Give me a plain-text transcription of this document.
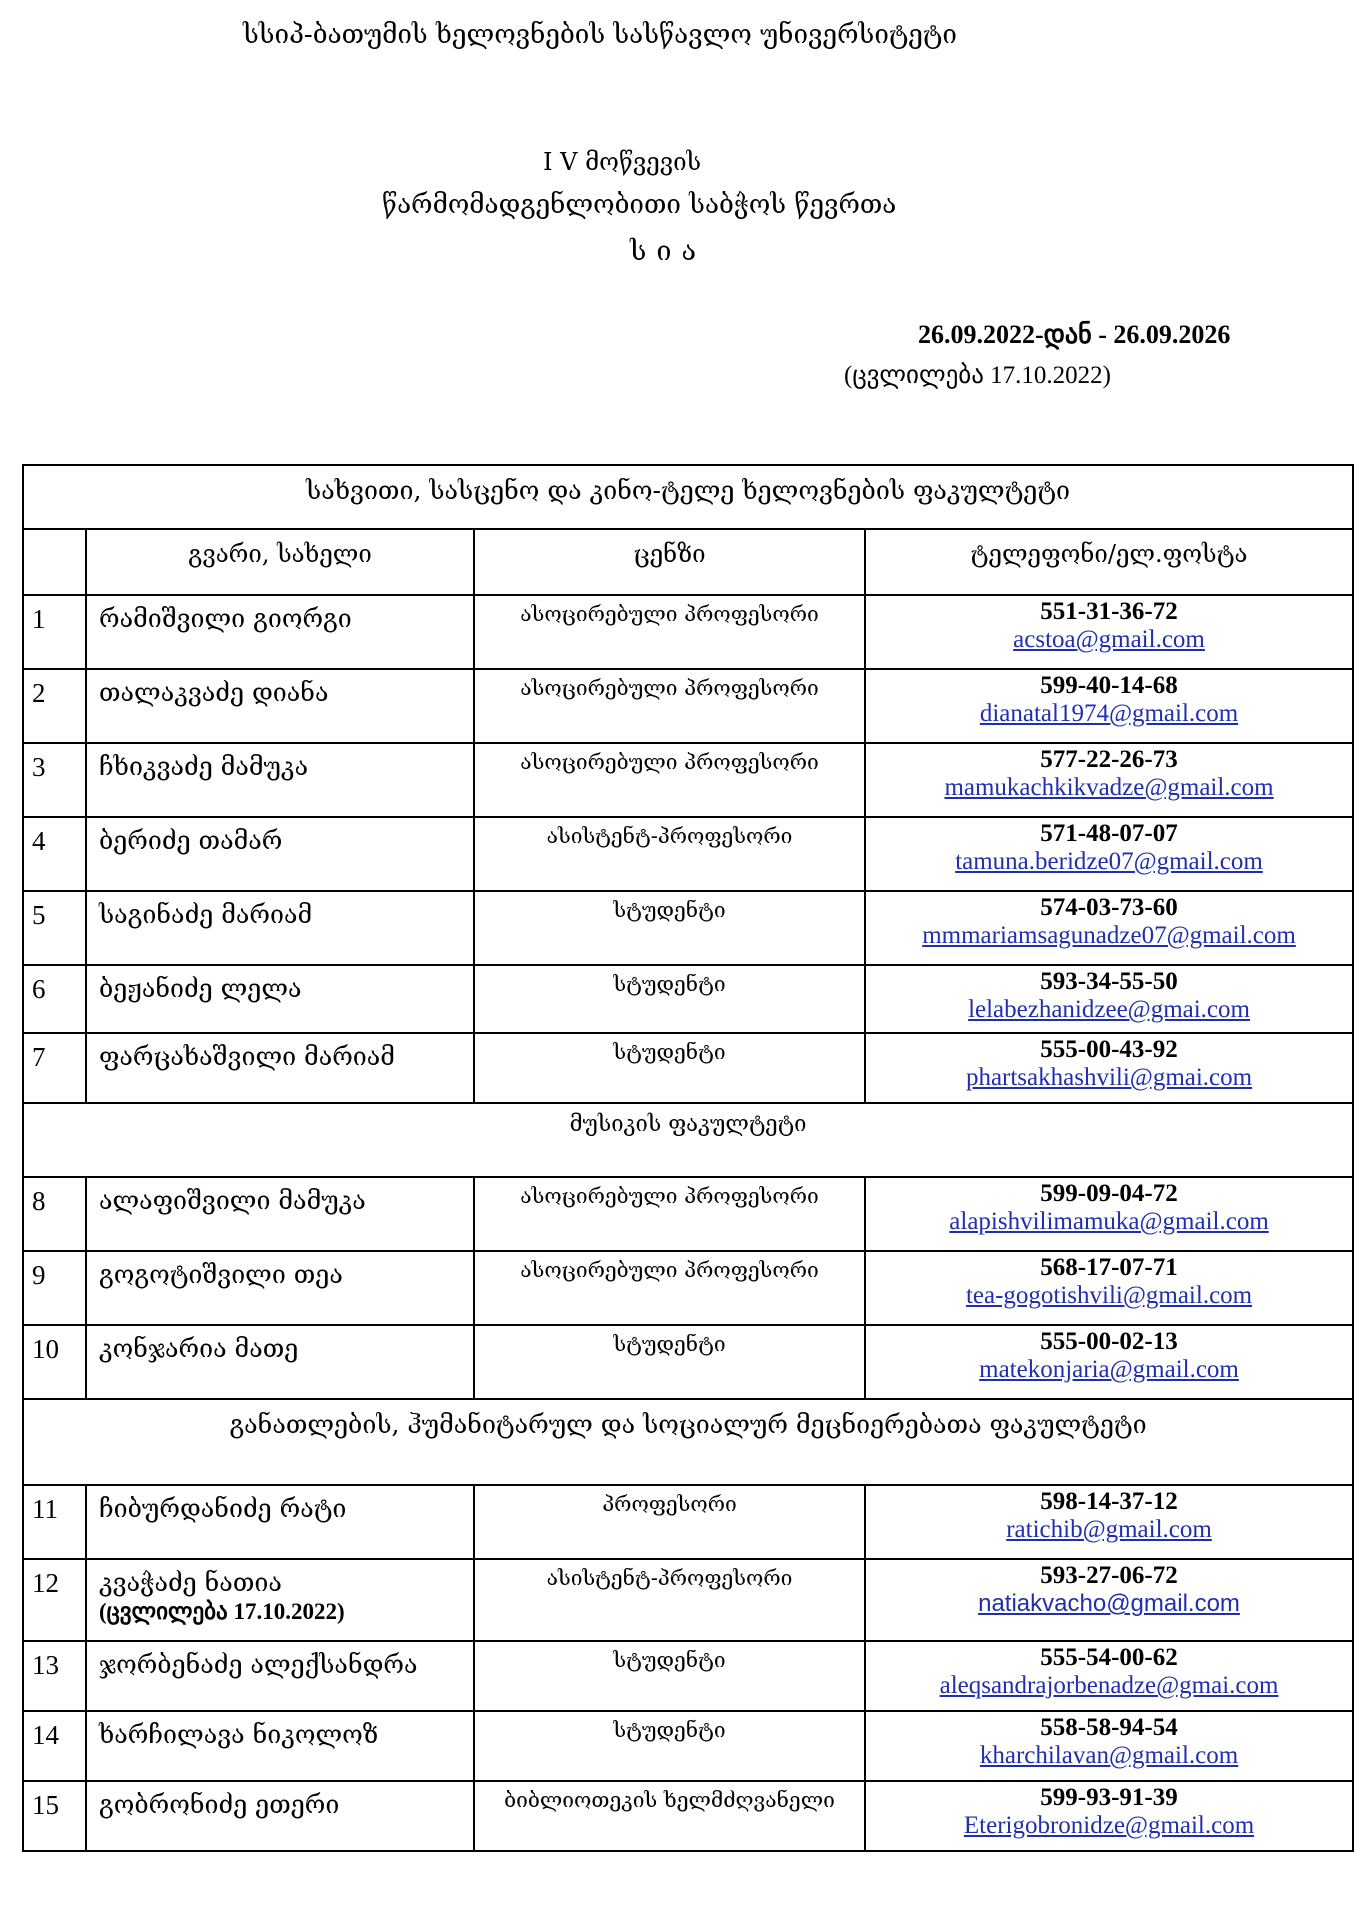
სსიპ-ბათუმის ხელოვნების სასწავლო უნივერსიტეტი
I V მოწვევის
წარმომადგენლობითი საბჭოს წევრთა
სია
26.09.2022-დან - 26.09.2026
(ცვლილება 17.10.2022)
სახვითი, სასცენო და კინო-ტელე ხელოვნების ფაკულტეტი			
	გვარი, სახელი	ცენზი	ტელეფონი/ელ.ფოსტა
1	რამიშვილი გიორგი	ასოცირებული პროფესორი	551-31-36-72
acstoa@gmail.com

2	თალაკვაძე დიანა	ასოცირებული პროფესორი	599-40-14-68
dianatal1974@gmail.com

3	ჩხიკვაძე მამუკა	ასოცირებული პროფესორი	577-22-26-73
mamukachkikvadze@gmail.com

4	ბერიძე თამარ	ასისტენტ-პროფესორი	571-48-07-07
tamuna.beridze07@gmail.com

5	საგინაძე მარიამ	სტუდენტი	574-03-73-60
mmmariamsagunadze07@gmail.com

6	ბეჟანიძე ლელა	სტუდენტი	593-34-55-50
lelabezhanidzee@gmai.com

7	ფარცახაშვილი მარიამ	სტუდენტი	555-00-43-92
phartsakhashvili@gmai.com

მუსიკის ფაკულტეტი			
8	ალაფიშვილი მამუკა	ასოცირებული პროფესორი	599-09-04-72
alapishvilimamuka@gmail.com

9	გოგოტიშვილი თეა	ასოცირებული პროფესორი	568-17-07-71
tea-gogotishvili@gmail.com

10	კონჯარია მათე	სტუდენტი	555-00-02-13
matekonjaria@gmail.com

განათლების, ჰუმანიტარულ და სოციალურ მეცნიერებათა ფაკულტეტი			
11	ჩიბურდანიძე რატი	პროფესორი	598-14-37-12
ratichib@gmail.com

12	კვაჭაძე ნათია
(ცვლილება 17.10.2022)	ასისტენტ-პროფესორი	593-27-06-72
natiakvacho@gmail.com

13	ჯორბენაძე ალექსანდრა	სტუდენტი	555-54-00-62
aleqsandrajorbenadze@gmai.com

14	ხარჩილავა ნიკოლოზ	სტუდენტი	558-58-94-54
kharchilavan@gmail.com

15	გობრონიძე ეთერი	ბიბლიოთეკის ხელმძღვანელი	599-93-91-39
Eterigobronidze@gmail.com
